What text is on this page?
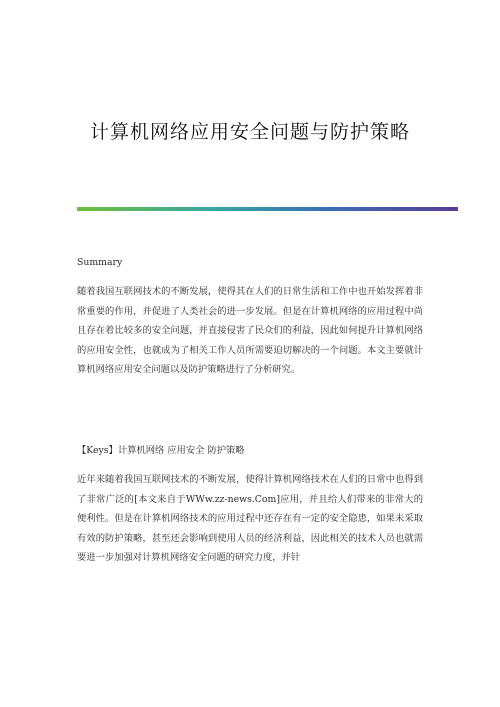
计算机网络应用安全问题与防护策略

Summary

随着我国互联网技术的不断发展，使得其在人们的日常生活和工作中也开始发挥着非常重要的作用，并促进了人类社会的进一步发展。但是在计算机网络的应用过程中尚且存在着比较多的安全问题，并直接侵害了民众们的利益，因此如何提升计算机网络的应用安全性，也就成为了相关工作人员所需要迫切解决的一个问题。本文主要就计算机网络应用安全问题以及防护策略进行了分析研究。

【Keys】计算机网络 应用安全 防护策略

近年来随着我国互联网技术的不断发展，使得计算机网络技术在人们的日常中也得到了非常广泛的[本文来自于WWw.zz-news.Com]应用，并且给人们带来的非常大的便利性。但是在计算机网络技术的应用过程中还存在有一定的安全隐患，如果未采取有效的防护策略，甚至还会影响到使用人员的经济利益，因此相关的技术人员也就需要进一步加强对计算机网络安全问题的研究力度，并针
